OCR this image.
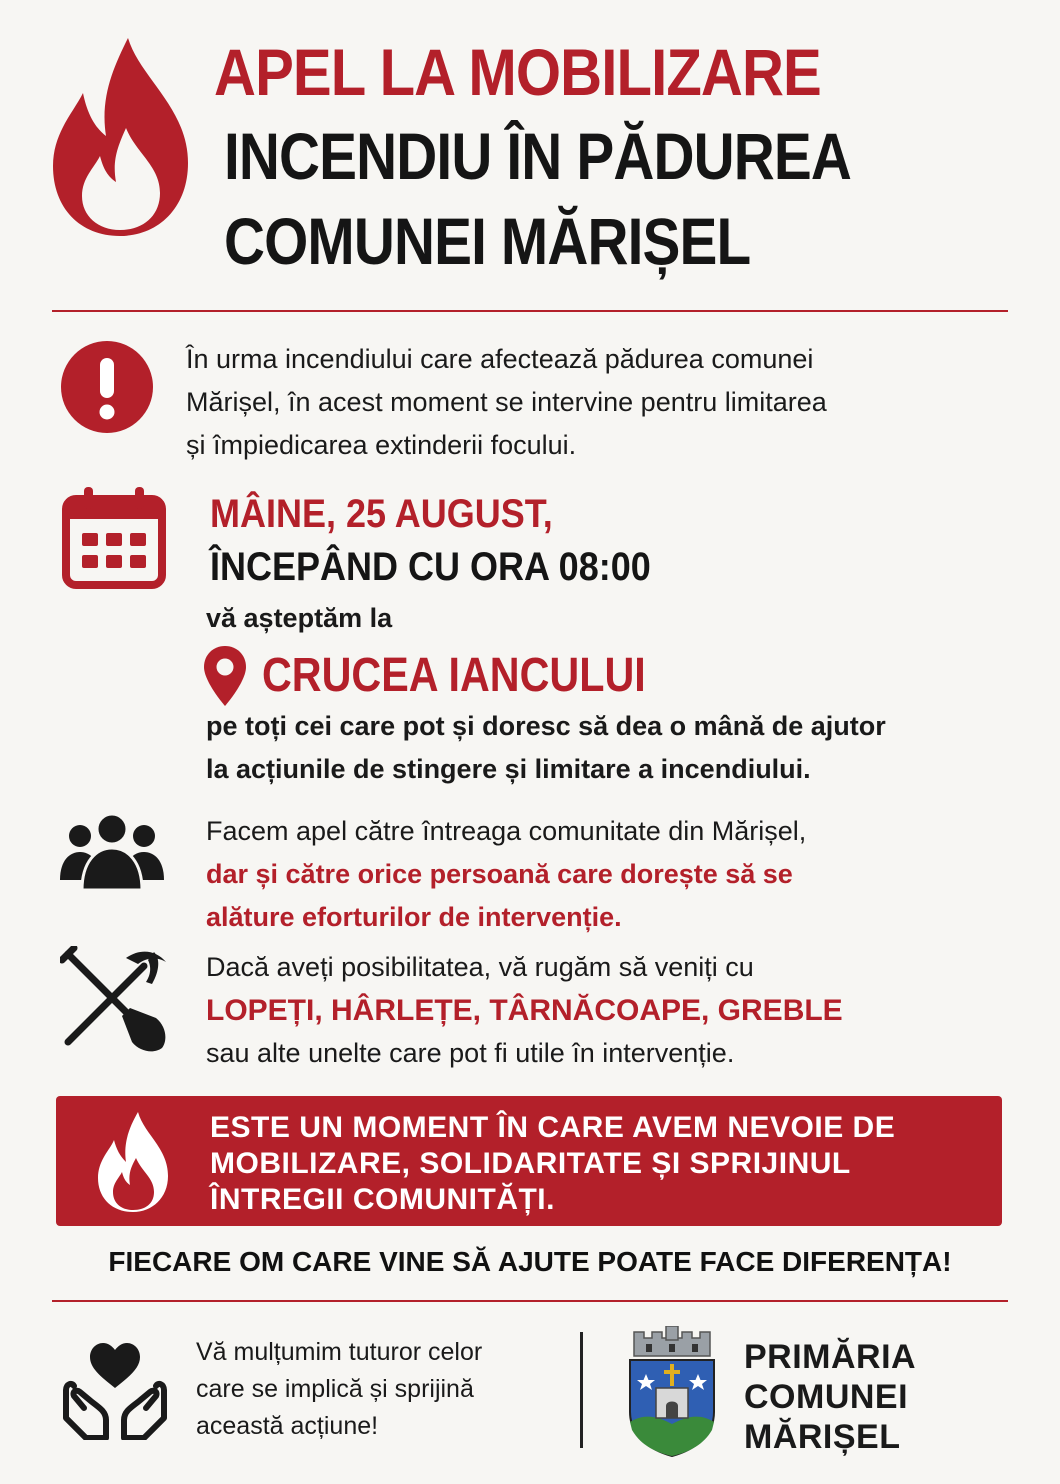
APEL LA MOBILIZARE
INCENDIU ÎN PĂDUREA
COMUNEI MĂRIȘEL
În urma incendiului care afectează pădurea comunei
Mărișel, în acest moment se intervine pentru limitarea
și împiedicarea extinderii focului.
MÂINE, 25 AUGUST,
ÎNCEPÂND CU ORA 08:00
vă așteptăm la
CRUCEA IANCULUI
pe toți cei care pot și doresc să dea o mână de ajutor
la acțiunile de stingere și limitare a incendiului.
Facem apel către întreaga comunitate din Mărișel,
dar și către orice persoană care dorește să se
alăture eforturilor de intervenție.
Dacă aveți posibilitatea, vă rugăm să veniți cu
LOPEȚI, HÂRLEȚE, TÂRNĂCOAPE, GREBLE
sau alte unelte care pot fi utile în intervenție.
ESTE UN MOMENT ÎN CARE AVEM NEVOIE DE
MOBILIZARE, SOLIDARITATE ȘI SPRIJINUL
ÎNTREGII COMUNITĂȚI.
FIECARE OM CARE VINE SĂ AJUTE POATE FACE DIFERENȚA!
Vă mulțumim tuturor celor
care se implică și sprijină
această acțiune!
PRIMĂRIA
COMUNEI
MĂRIȘEL
